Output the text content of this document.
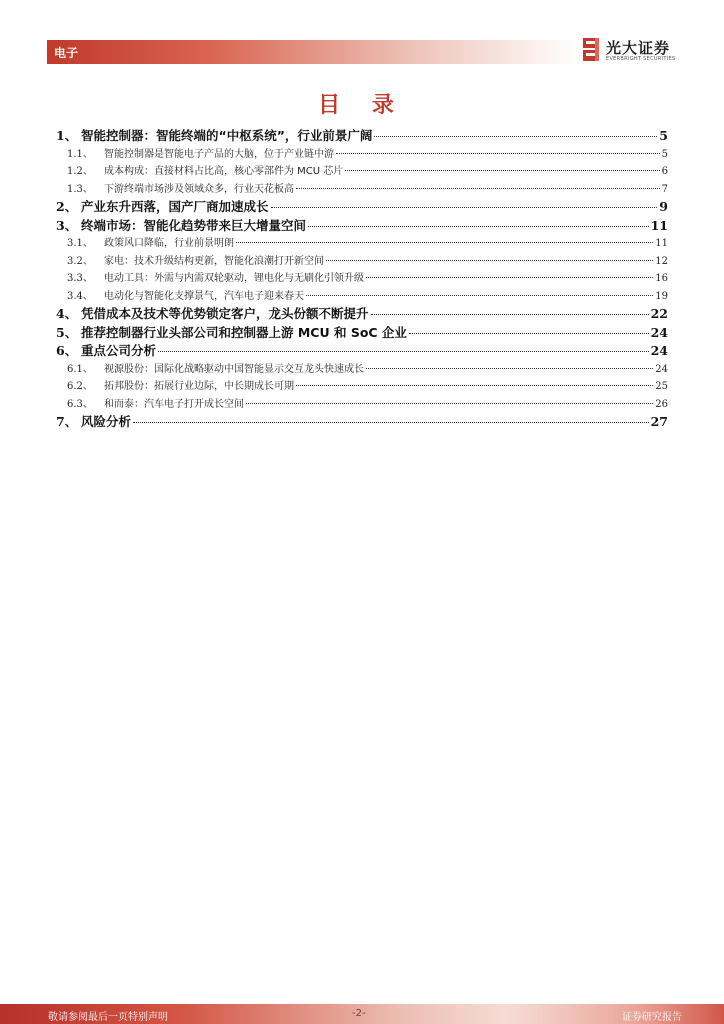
电子	光大证券
EVERBRIGHT SECURITIES
目 录
1、 智能控制器：智能终端的“中枢系统”，行业前景广阔	5
1.1、	智能控制器是智能电子产品的大脑，位于产业链中游	5
1.2、	成本构成：直接材料占比高，核心零部件为 MCU 芯片	6
1.3、	下游终端市场涉及领域众多，行业天花板高	7
2、 产业东升西落，国产厂商加速成长	9
3、 终端市场：智能化趋势带来巨大增量空间	11
3.1、	政策风口降临，行业前景明朗	11
3.2、	家电：技术升级结构更新，智能化浪潮打开新空间	12
3.3、	电动工具：外需与内需双轮驱动，锂电化与无刷化引领升级	16
3.4、	电动化与智能化支撑景气，汽车电子迎来春天	19
4、 凭借成本及技术等优势锁定客户，龙头份额不断提升	22
5、 推荐控制器行业头部公司和控制器上游 MCU 和 SoC 企业	24
6、 重点公司分析	24
6.1、	视源股份：国际化战略驱动中国智能显示交互龙头快速成长	24
6.2、	拓邦股份：拓展行业边际，中长期成长可期	25
6.3、	和而泰：汽车电子打开成长空间	26
7、 风险分析	27
敬请参阅最后一页特别声明	-2-	证券研究报告
